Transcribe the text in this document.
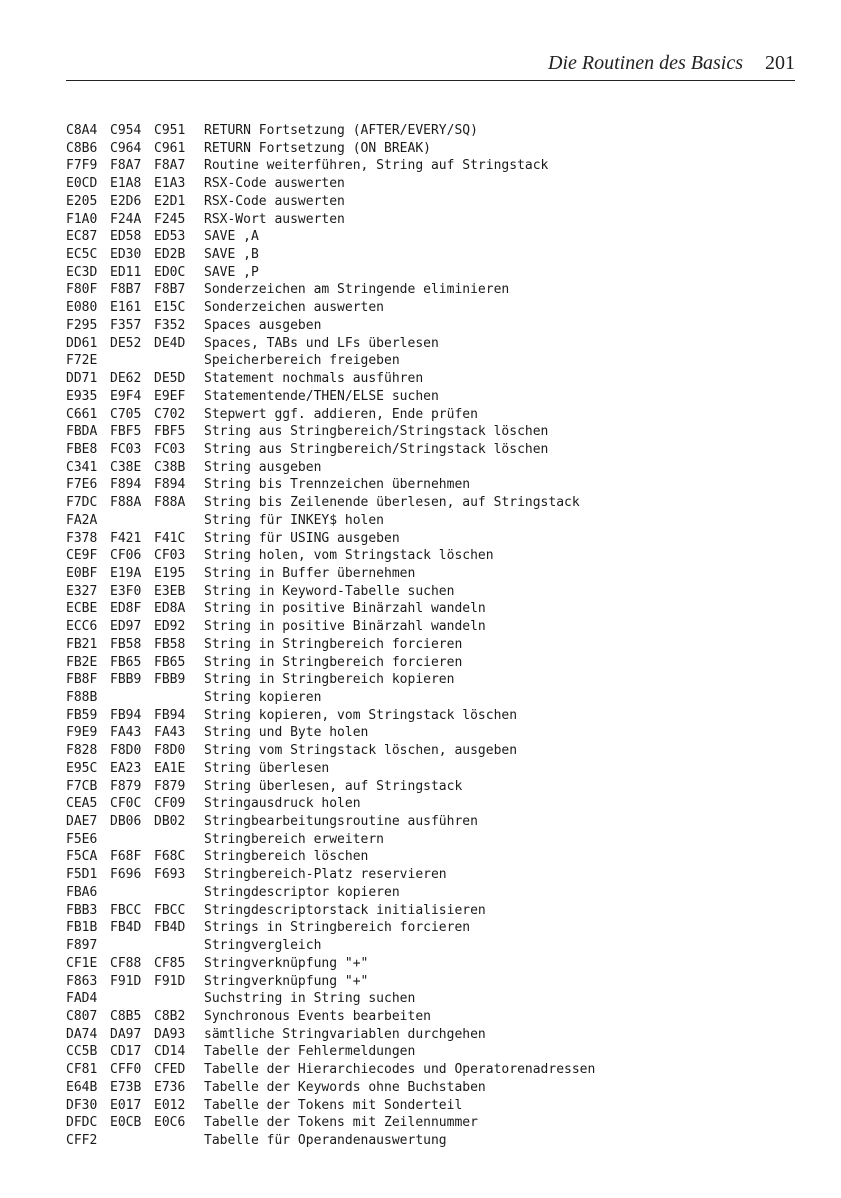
Die Routinen des Basics 201
C8A4 C954 C951 RETURN Fortsetzung (AFTER/EVERY/SQ)
C8B6 C964 C961 RETURN Fortsetzung (ON BREAK)
F7F9 F8A7 F8A7 Routine weiterführen, String auf Stringstack
E0CD E1A8 E1A3 RSX-Code auswerten
E205 E2D6 E2D1 RSX-Code auswerten
F1A0 F24A F245 RSX-Wort auswerten
EC87 ED58 ED53 SAVE ,A
EC5C ED30 ED2B SAVE ,B
EC3D ED11 ED0C SAVE ,P
F80F F8B7 F8B7 Sonderzeichen am Stringende eliminieren
E080 E161 E15C Sonderzeichen auswerten
F295 F357 F352 Spaces ausgeben
DD61 DE52 DE4D Spaces, TABs und LFs überlesen
F72E	Speicherbereich freigeben
DD71 DE62 DE5D Statement nochmals ausführen
E935 E9F4 E9EF Statementende/THEN/ELSE suchen
C661 C705 C702 Stepwert ggf. addieren, Ende prüfen
FBDA FBF5 FBF5 String aus Stringbereich/Stringstack löschen
FBE8 FC03 FC03 String aus Stringbereich/Stringstack löschen
C341 C38E C38B String ausgeben
F7E6 F894 F894 String bis Trennzeichen übernehmen
F7DC F88A F88A String bis Zeilenende überlesen, auf Stringstack
FA2A	String für INKEY$ holen
F378 F421 F41C String für USING ausgeben
CE9F CF06 CF03 String holen, vom Stringstack löschen
E0BF E19A E195 String in Buffer übernehmen
E327 E3F0 E3EB String in Keyword-Tabelle suchen
ECBE ED8F ED8A String in positive Binärzahl wandeln
ECC6 ED97 ED92 String in positive Binärzahl wandeln
FB21 FB58 FB58 String in Stringbereich forcieren
FB2E FB65 FB65 String in Stringbereich forcieren
FB8F FBB9 FBB9 String in Stringbereich kopieren
F88B	String kopieren
FB59 FB94 FB94 String kopieren, vom Stringstack löschen
F9E9 FA43 FA43 String und Byte holen
F828 F8D0 F8D0 String vom Stringstack löschen, ausgeben
E95C EA23 EA1E String überlesen
F7CB F879 F879 String überlesen, auf Stringstack
CEA5 CF0C CF09 Stringausdruck holen
DAE7 DB06 DB02 Stringbearbeitungsroutine ausführen
F5E6	Stringbereich erweitern
F5CA F68F F68C Stringbereich löschen
F5D1 F696 F693 Stringbereich-Platz reservieren
FBA6	Stringdescriptor kopieren
FBB3 FBCC FBCC Stringdescriptorstack initialisieren
FB1B FB4D FB4D Strings in Stringbereich forcieren
F897	Stringvergleich
CF1E CF88 CF85 Stringverknüpfung "+"
F863 F91D F91D Stringverknüpfung "+"
FAD4	Suchstring in String suchen
C807 C8B5 C8B2 Synchronous Events bearbeiten
DA74 DA97 DA93 sämtliche Stringvariablen durchgehen
CC5B CD17 CD14 Tabelle der Fehlermeldungen
CF81 CFF0 CFED Tabelle der Hierarchiecodes und Operatorenadressen
E64B E73B E736 Tabelle der Keywords ohne Buchstaben
DF30 E017 E012 Tabelle der Tokens mit Sonderteil
DFDC E0CB E0C6 Tabelle der Tokens mit Zeilennummer
CFF2	Tabelle für Operandenauswertung
